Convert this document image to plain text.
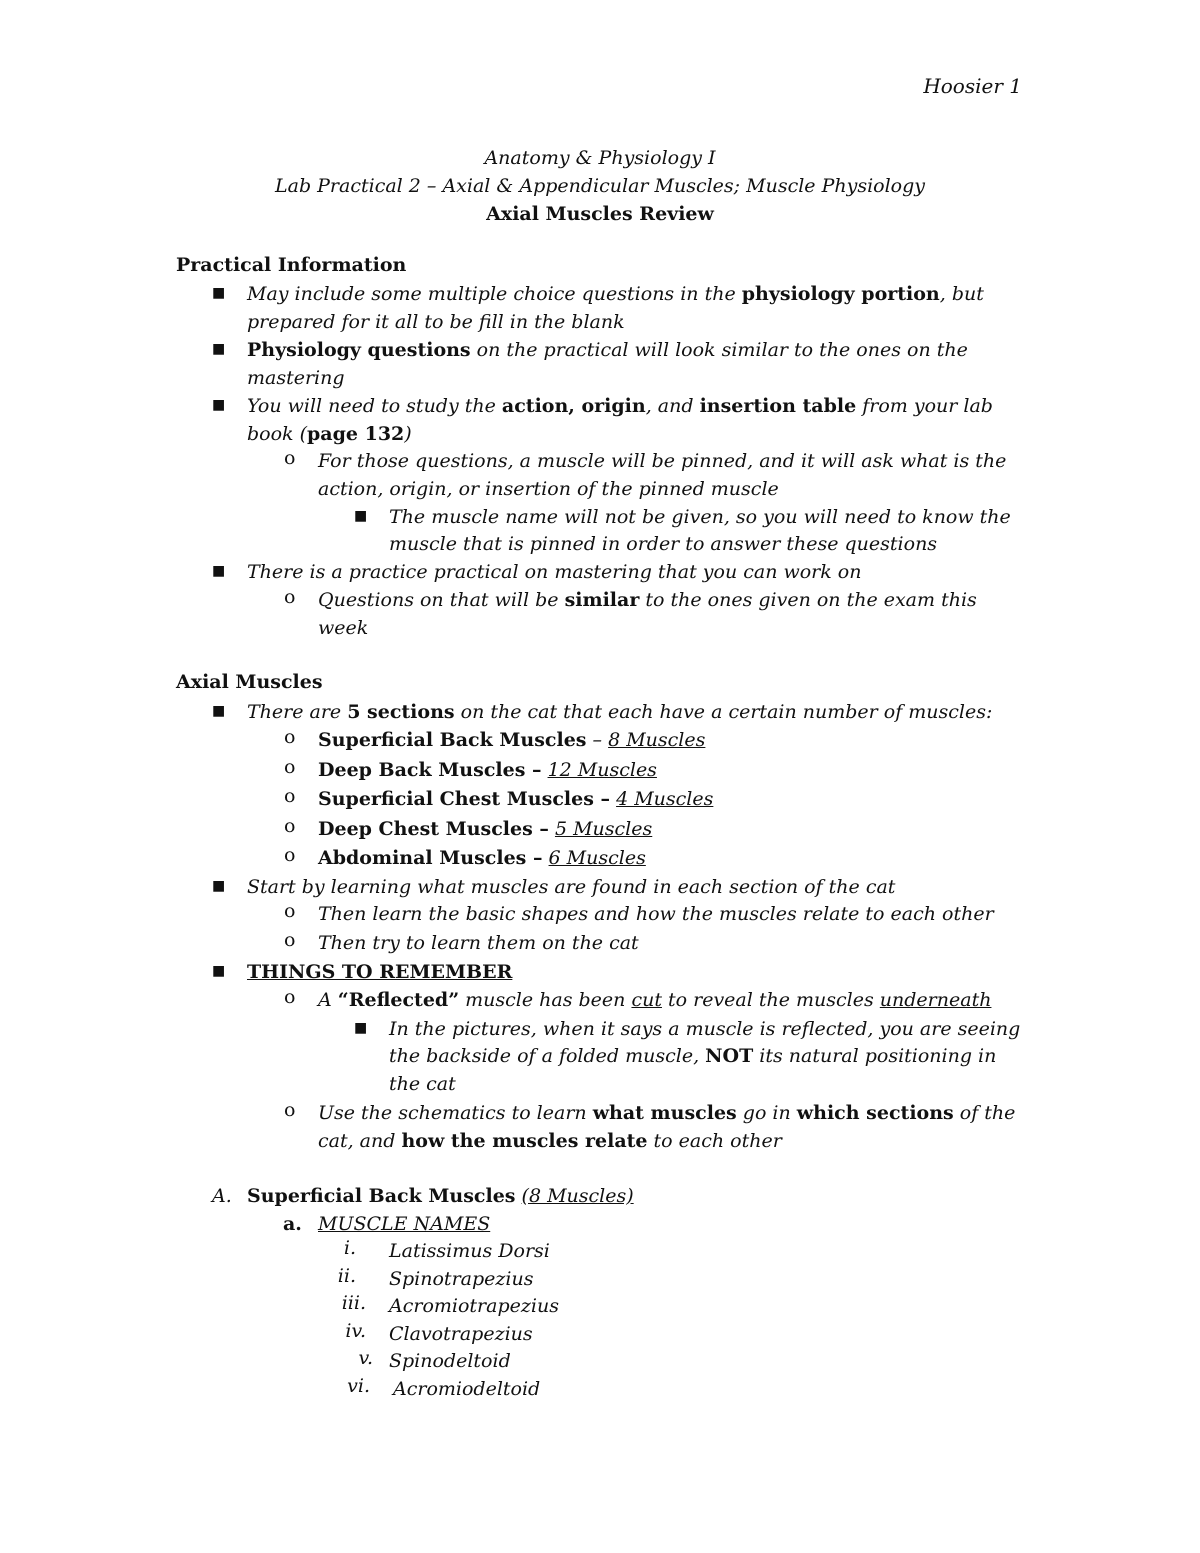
Hoosier 1
Anatomy & Physiology I
Lab Practical 2 – Axial & Appendicular Muscles; Muscle Physiology
Axial Muscles Review
Practical Information
■ May include some multiple choice questions in the physiology portion, but
prepared for it all to be fill in the blank
■ Physiology questions on the practical will look similar to the ones on the
mastering
■ You will need to study the action, origin, and insertion table from your lab
book (page 132)
o For those questions, a muscle will be pinned, and it will ask what is the
action, origin, or insertion of the pinned muscle
■ The muscle name will not be given, so you will need to know the
muscle that is pinned in order to answer these questions
■ There is a practice practical on mastering that you can work on
o Questions on that will be similar to the ones given on the exam this
week
Axial Muscles
■ There are 5 sections on the cat that each have a certain number of muscles:
o Superficial Back Muscles – 8 Muscles
o Deep Back Muscles – 12 Muscles
o Superficial Chest Muscles – 4 Muscles
o Deep Chest Muscles – 5 Muscles
o Abdominal Muscles – 6 Muscles
■ Start by learning what muscles are found in each section of the cat
o Then learn the basic shapes and how the muscles relate to each other
o Then try to learn them on the cat
■ THINGS TO REMEMBER
o A “Reflected” muscle has been cut to reveal the muscles underneath
■ In the pictures, when it says a muscle is reflected, you are seeing
the backside of a folded muscle, NOT its natural positioning in
the cat
o Use the schematics to learn what muscles go in which sections of the
cat, and how the muscles relate to each other
A. Superficial Back Muscles (8 Muscles)
a. MUSCLE NAMES
i. Latissimus Dorsi
ii. Spinotrapezius
iii. Acromiotrapezius
iv. Clavotrapezius
v. Spinodeltoid
vi. Acromiodeltoid
